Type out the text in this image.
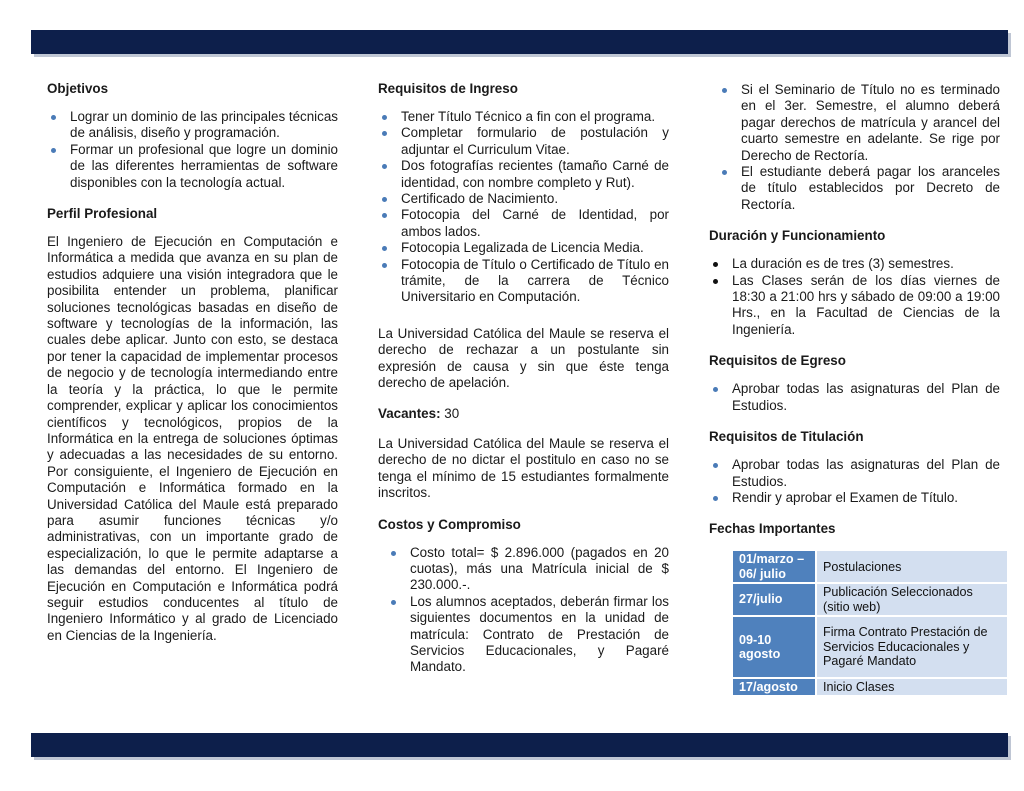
Objetivos
Lograr un dominio de las principales técnicas de análisis, diseño y programación.
Formar un profesional que logre un dominio de las diferentes herramientas de software disponibles con la tecnología actual.
Perfil Profesional

El Ingeniero de Ejecución en Computación e Informática a medida que avanza en su plan de estudios adquiere una visión integradora que le posibilita entender un problema, planificar soluciones tecnológicas basadas en diseño de software y tecnologías de la información, las cuales debe aplicar. Junto con esto, se destaca por tener la capacidad de implementar procesos de negocio y de tecnología intermediando entre la teoría y la práctica, lo que le permite comprender, explicar y aplicar los conocimientos científicos y tecnológicos, propios de la Informática en la entrega de soluciones óptimas y adecuadas a las necesidades de su entorno. Por consiguiente, el Ingeniero de Ejecución en Computación e Informática formado en la Universidad Católica del Maule está preparado para asumir funciones técnicas y/o administrativas, con un importante grado de especialización, lo que le permite adaptarse a las demandas del entorno. El Ingeniero de Ejecución en Computación e Informática podrá seguir estudios conducentes al título de Ingeniero Informático y al grado de Licenciado en Ciencias de la Ingeniería.

Requisitos de Ingreso
Tener Título Técnico a fin con el programa.
Completar formulario de postulación y adjuntar el Curriculum Vitae.
Dos fotografías recientes (tamaño Carné de identidad, con nombre completo y Rut).
Certificado de Nacimiento.
Fotocopia del Carné de Identidad, por ambos lados.
Fotocopia Legalizada de Licencia Media.
Fotocopia de Título o Certificado de Título en trámite, de la carrera de Técnico Universitario en Computación.

La Universidad Católica del Maule se reserva el derecho de rechazar a un postulante sin expresión de causa y sin que éste tenga derecho de apelación.

Vacantes: 30

La Universidad Católica del Maule se reserva el derecho de no dictar el postitulo en caso no se tenga el mínimo de 15 estudiantes formalmente inscritos.

Costos y Compromiso
Costo total= $ 2.896.000 (pagados en 20 cuotas), más una Matrícula inicial de $ 230.000.-.
Los alumnos aceptados, deberán firmar los siguientes documentos en la unidad de matrícula: Contrato de Prestación de Servicios Educacionales, y Pagaré Mandato.
Si el Seminario de Título no es terminado en el 3er. Semestre, el alumno deberá pagar derechos de matrícula y arancel del cuarto semestre en adelante. Se rige por Derecho de Rectoría.
El estudiante deberá pagar los aranceles de título establecidos por Decreto de Rectoría.
Duración y Funcionamiento
La duración es de tres (3) semestres.
Las Clases serán de los días viernes de 18:30 a 21:00 hrs y sábado de 09:00 a 19:00 Hrs., en la Facultad de Ciencias de la Ingeniería.
Requisitos de Egreso
Aprobar todas las asignaturas del Plan de Estudios.
Requisitos de Titulación
Aprobar todas las asignaturas del Plan de Estudios.
Rendir y aprobar el Examen de Título.
Fechas Importantes
01/marzo – 06/ julio	Postulaciones
27/julio	Publicación Seleccionados (sitio web)
09-10 agosto	Firma Contrato Prestación de Servicios Educacionales y Pagaré Mandato
17/agosto	Inicio Clases
